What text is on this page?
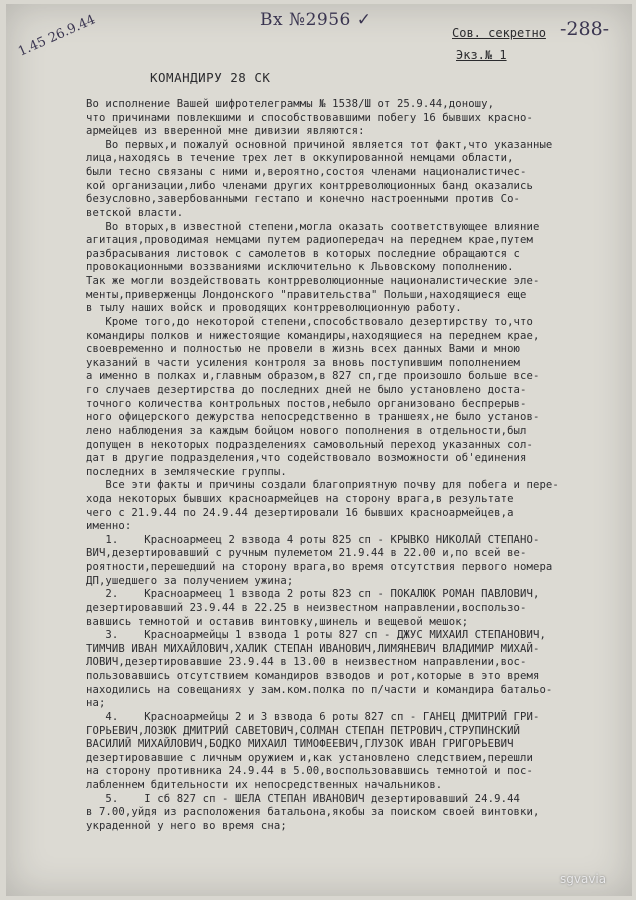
Вх №2956 ✓
1.45 26.9.44	Сов. секретно
Экз.№ 1
-288-
КОМАНДИРУ 28 СК
Во исполнение Вашей шифротелеграммы № 1538/Ш от 25.9.44,доношу,
что причинами повлекшими и способствовавшими побегу 16 бывших красно-
армейцев из вверенной мне дивизии являются:
Во первых,и пожалуй основной причиной является тот факт,что указанные
лица,находясь в течение трех лет в оккупированной немцами области,
были тесно связаны с ними и,вероятно,состоя членами националистичес-
кой организации,либо членами других контрреволюционных банд оказались
безусловно,завербованными гестапо и конечно настроенными против Со-
ветской власти.
Во вторых,в известной степени,могла оказать соответствующее влияние
агитация,проводимая немцами путем радиопередач на переднем крае,путем
разбрасывания листовок с самолетов в которых последние обращаются с
провокационными воззваниями исключительно к Львовскому пополнению.
Так же могли воздействовать контрреволюционные националистические эле-
менты,приверженцы Лондонского "правительства" Польши,находящиеся еще
в тылу наших войск и проводящих контрреволюционную работу.
Кроме того,до некоторой степени,способствовало дезертирству то,что
командиры полков и нижестоящие командиры,находящиеся на переднем крае,
своевременно и полностью не провели в жизнь всех данных Вами и мною
указаний в части усиления контроля за вновь поступившим пополнением
а именно в полках и,главным образом,в 827 сп,где произошло больше все-
го случаев дезертирства до последних дней не было установлено доста-
точного количества контрольных постов,небыло организовано беспрерыв-
ного офицерского дежурства непосредственно в траншеях,не было установ-
лено наблюдения за каждым бойцом нового пополнения в отдельности,был
допущен в некоторых подразделениях самовольный переход указанных сол-
дат в другие подразделения,что содействовало возможности об'единения
последних в земляческие группы.
Все эти факты и причины создали благоприятную почву для побега и пере-
хода некоторых бывших красноармейцев на сторону врага,в результате
чего с 21.9.44 по 24.9.44 дезертировали 16 бывших красноармейцев,а
именно:
1.    Красноармеец 2 взвода 4 роты 825 сп - КРЫВКО НИКОЛАЙ СТЕПАНО-
ВИЧ,дезертировавший с ручным пулеметом 21.9.44 в 22.00 и,по всей ве-
роятности,перешедший на сторону врага,во время отсутствия первого номера
ДП,ушедшего за получением ужина;
2.    Красноармеец 1 взвода 2 роты 823 сп - ПОКАЛЮК РОМАН ПАВЛОВИЧ,
дезертировавший 23.9.44 в 22.25 в неизвестном направлении,воспользо-
вавшись темнотой и оставив винтовку,шинель и вещевой мешок;
3.    Красноармейцы 1 взвода 1 роты 827 сп - ДЖУС МИХАИЛ СТЕПАНОВИЧ,
ТИМЧИВ ИВАН МИХАЙЛОВИЧ,ХАЛИК СТЕПАН ИВАНОВИЧ,ЛИМЯНЕВИЧ ВЛАДИМИР МИХАЙ-
ЛОВИЧ,дезертировавшие 23.9.44 в 13.00 в неизвестном направлении,вос-
пользовавшись отсутствием командиров взводов и рот,которые в это время
находились на совещаниях у зам.ком.полка по п/части и командира батальо-
на;
4.    Красноармейцы 2 и 3 взвода 6 роты 827 сп - ГАНЕЦ ДМИТРИЙ ГРИ-
ГОРЬЕВИЧ,ЛОЗЮК ДМИТРИЙ САВЕТОВИЧ,СОЛМАН СТЕПАН ПЕТРОВИЧ,СТРУПИНСКИЙ
ВАСИЛИЙ МИХАЙЛОВИЧ,БОДКО МИХАИЛ ТИМОФЕЕВИЧ,ГЛУЗОК ИВАН ГРИГОРЬЕВИЧ
дезертировавшие с личным оружием и,как установлено следствием,перешли
на сторону противника 24.9.44 в 5.00,воспользовавшись темнотой и пос-
лабленнем бдительности их непосредственных начальников.
5.    I сб 827 сп - ШЕЛА СТЕПАН ИВАНОВИЧ дезертировавший 24.9.44
в 7.00,уйдя из расположения батальона,якобы за поиском своей винтовки,
украденной у него во время сна;
sgvavia
